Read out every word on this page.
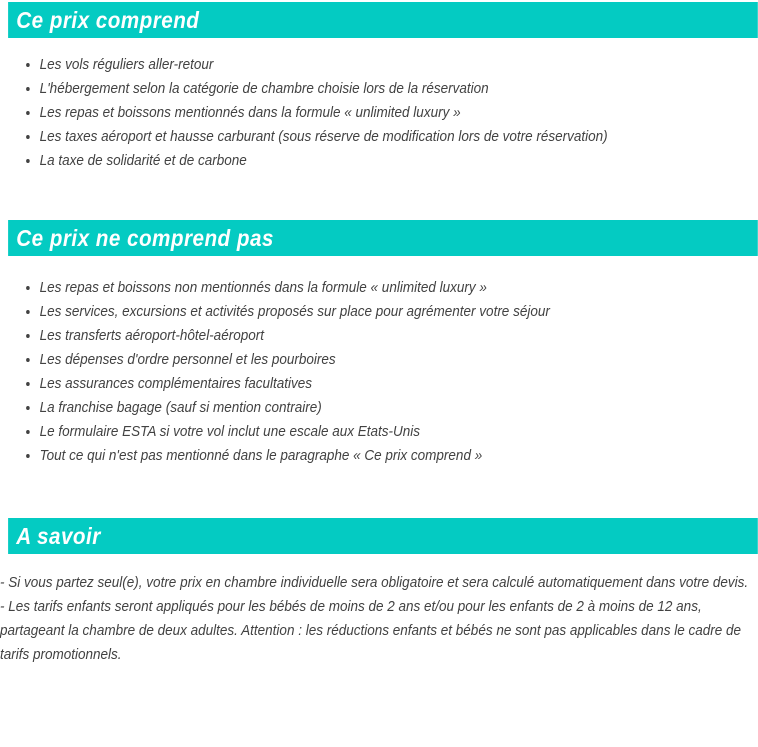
Ce prix comprend
• Les vols réguliers aller-retour
• L'hébergement selon la catégorie de chambre choisie lors de la réservation
• Les repas et boissons mentionnés dans la formule « unlimited luxury »
• Les taxes aéroport et hausse carburant (sous réserve de modification lors de votre réservation)
• La taxe de solidarité et de carbone
Ce prix ne comprend pas
• Les repas et boissons non mentionnés dans la formule « unlimited luxury »
• Les services, excursions et activités proposés sur place pour agrémenter votre séjour
• Les transferts aéroport-hôtel-aéroport
• Les dépenses d'ordre personnel et les pourboires
• Les assurances complémentaires facultatives
• La franchise bagage (sauf si mention contraire)
• Le formulaire ESTA si votre vol inclut une escale aux Etats-Unis
• Tout ce qui n'est pas mentionné dans le paragraphe « Ce prix comprend »
A savoir

- Si vous partez seul(e), votre prix en chambre individuelle sera obligatoire et sera calculé automatiquement dans votre devis.

- Les tarifs enfants seront appliqués pour les bébés de moins de 2 ans et/ou pour les enfants de 2 à moins de 12 ans, partageant la chambre de deux adultes. Attention : les réductions enfants et bébés ne sont pas applicables dans le cadre de tarifs promotionnels.
